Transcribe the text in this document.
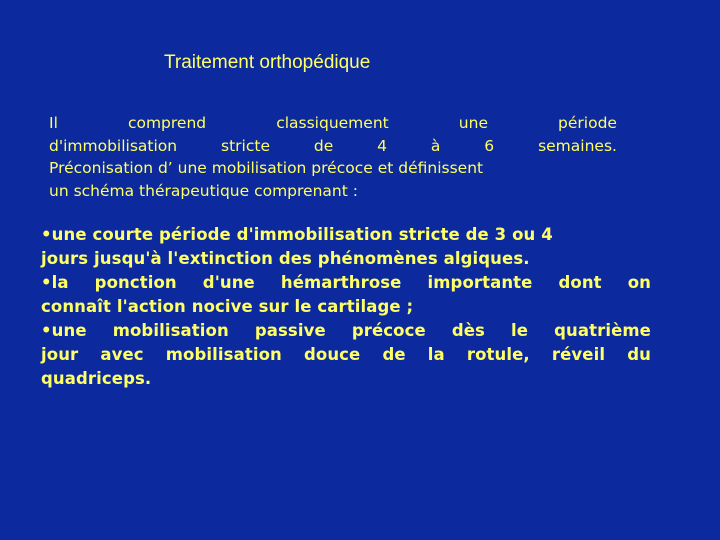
Traitement orthopédique
Il	comprend	classiquement	une	période
d'immobilisation	stricte	de	4	à	6	semaines.
Préconisation d’ une mobilisation précoce et définissent
un schéma thérapeutique comprenant :
•une courte période d'immobilisation stricte de 3 ou 4
jours jusqu'à l'extinction des phénomènes algiques.
•la ponction d'une hémarthrose importante dont on
connaît l'action nocive sur le cartilage ;
•une mobilisation passive précoce dès le quatrième
jour avec mobilisation douce de la rotule, réveil du
quadriceps.
